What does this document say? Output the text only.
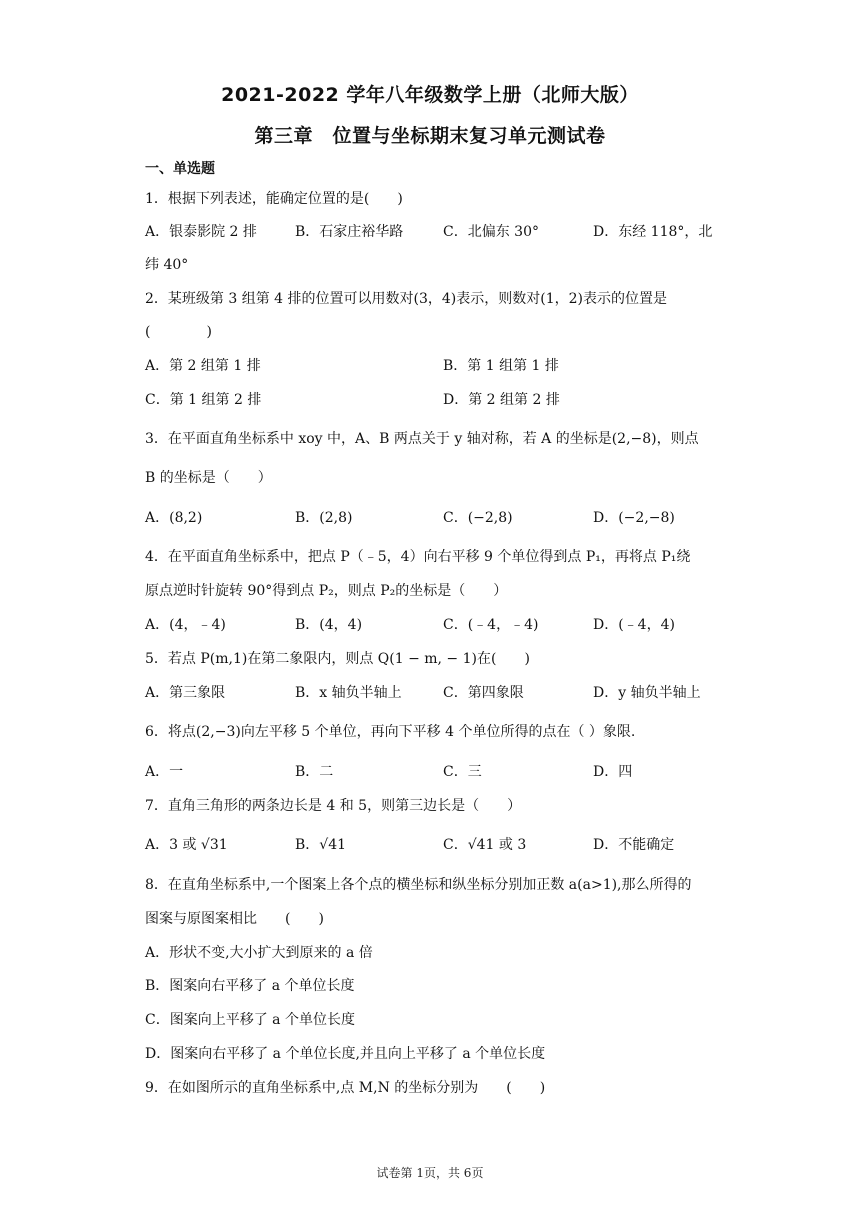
2021-2022 学年八年级数学上册（北师大版）
第三章　位置与坐标期末复习单元测试卷
一、单选题
1．根据下列表述，能确定位置的是(　　)
A．银泰影院 2 排	B．石家庄裕华路	C．北偏东 30°	D．东经 118°，北
纬 40°
2．某班级第 3 组第 4 排的位置可以用数对(3，4)表示，则数对(1，2)表示的位置是
(　　　　)
A．第 2 组第 1 排	B．第 1 组第 1 排
C．第 1 组第 2 排	D．第 2 组第 2 排
3．在平面直角坐标系中 xoy 中，A、B 两点关于 y 轴对称，若 A 的坐标是(2,−8)，则点
B 的坐标是（　　）
A．(8,2)	B．(2,8)	C．(−2,8)	D．(−2,−8)
4．在平面直角坐标系中，把点 P（﹣5，4）向右平移 9 个单位得到点 P₁，再将点 P₁绕
原点逆时针旋转 90°得到点 P₂，则点 P₂的坐标是（　　）
A．(4，﹣4)	B．(4，4)	C．(﹣4，﹣4)	D．(﹣4，4)
5．若点 P(m,1)在第二象限内，则点 Q(1 − m, − 1)在(　　)
A．第三象限	B．x 轴负半轴上	C．第四象限	D．y 轴负半轴上
6．将点(2,−3)向左平移 5 个单位，再向下平移 4 个单位所得的点在（ ）象限.
A．一	B．二	C．三	D．四
7．直角三角形的两条边长是 4 和 5，则第三边长是（　　）
A．3 或 √31	B．√41	C．√41 或 3	D．不能确定
8．在直角坐标系中,一个图案上各个点的横坐标和纵坐标分别加正数 a(a>1),那么所得的
图案与原图案相比　　(　　)
A．形状不变,大小扩大到原来的 a 倍
B．图案向右平移了 a 个单位长度
C．图案向上平移了 a 个单位长度
D．图案向右平移了 a 个单位长度,并且向上平移了 a 个单位长度
9．在如图所示的直角坐标系中,点 M,N 的坐标分别为　　(　　)
试卷第 1页，共 6页
